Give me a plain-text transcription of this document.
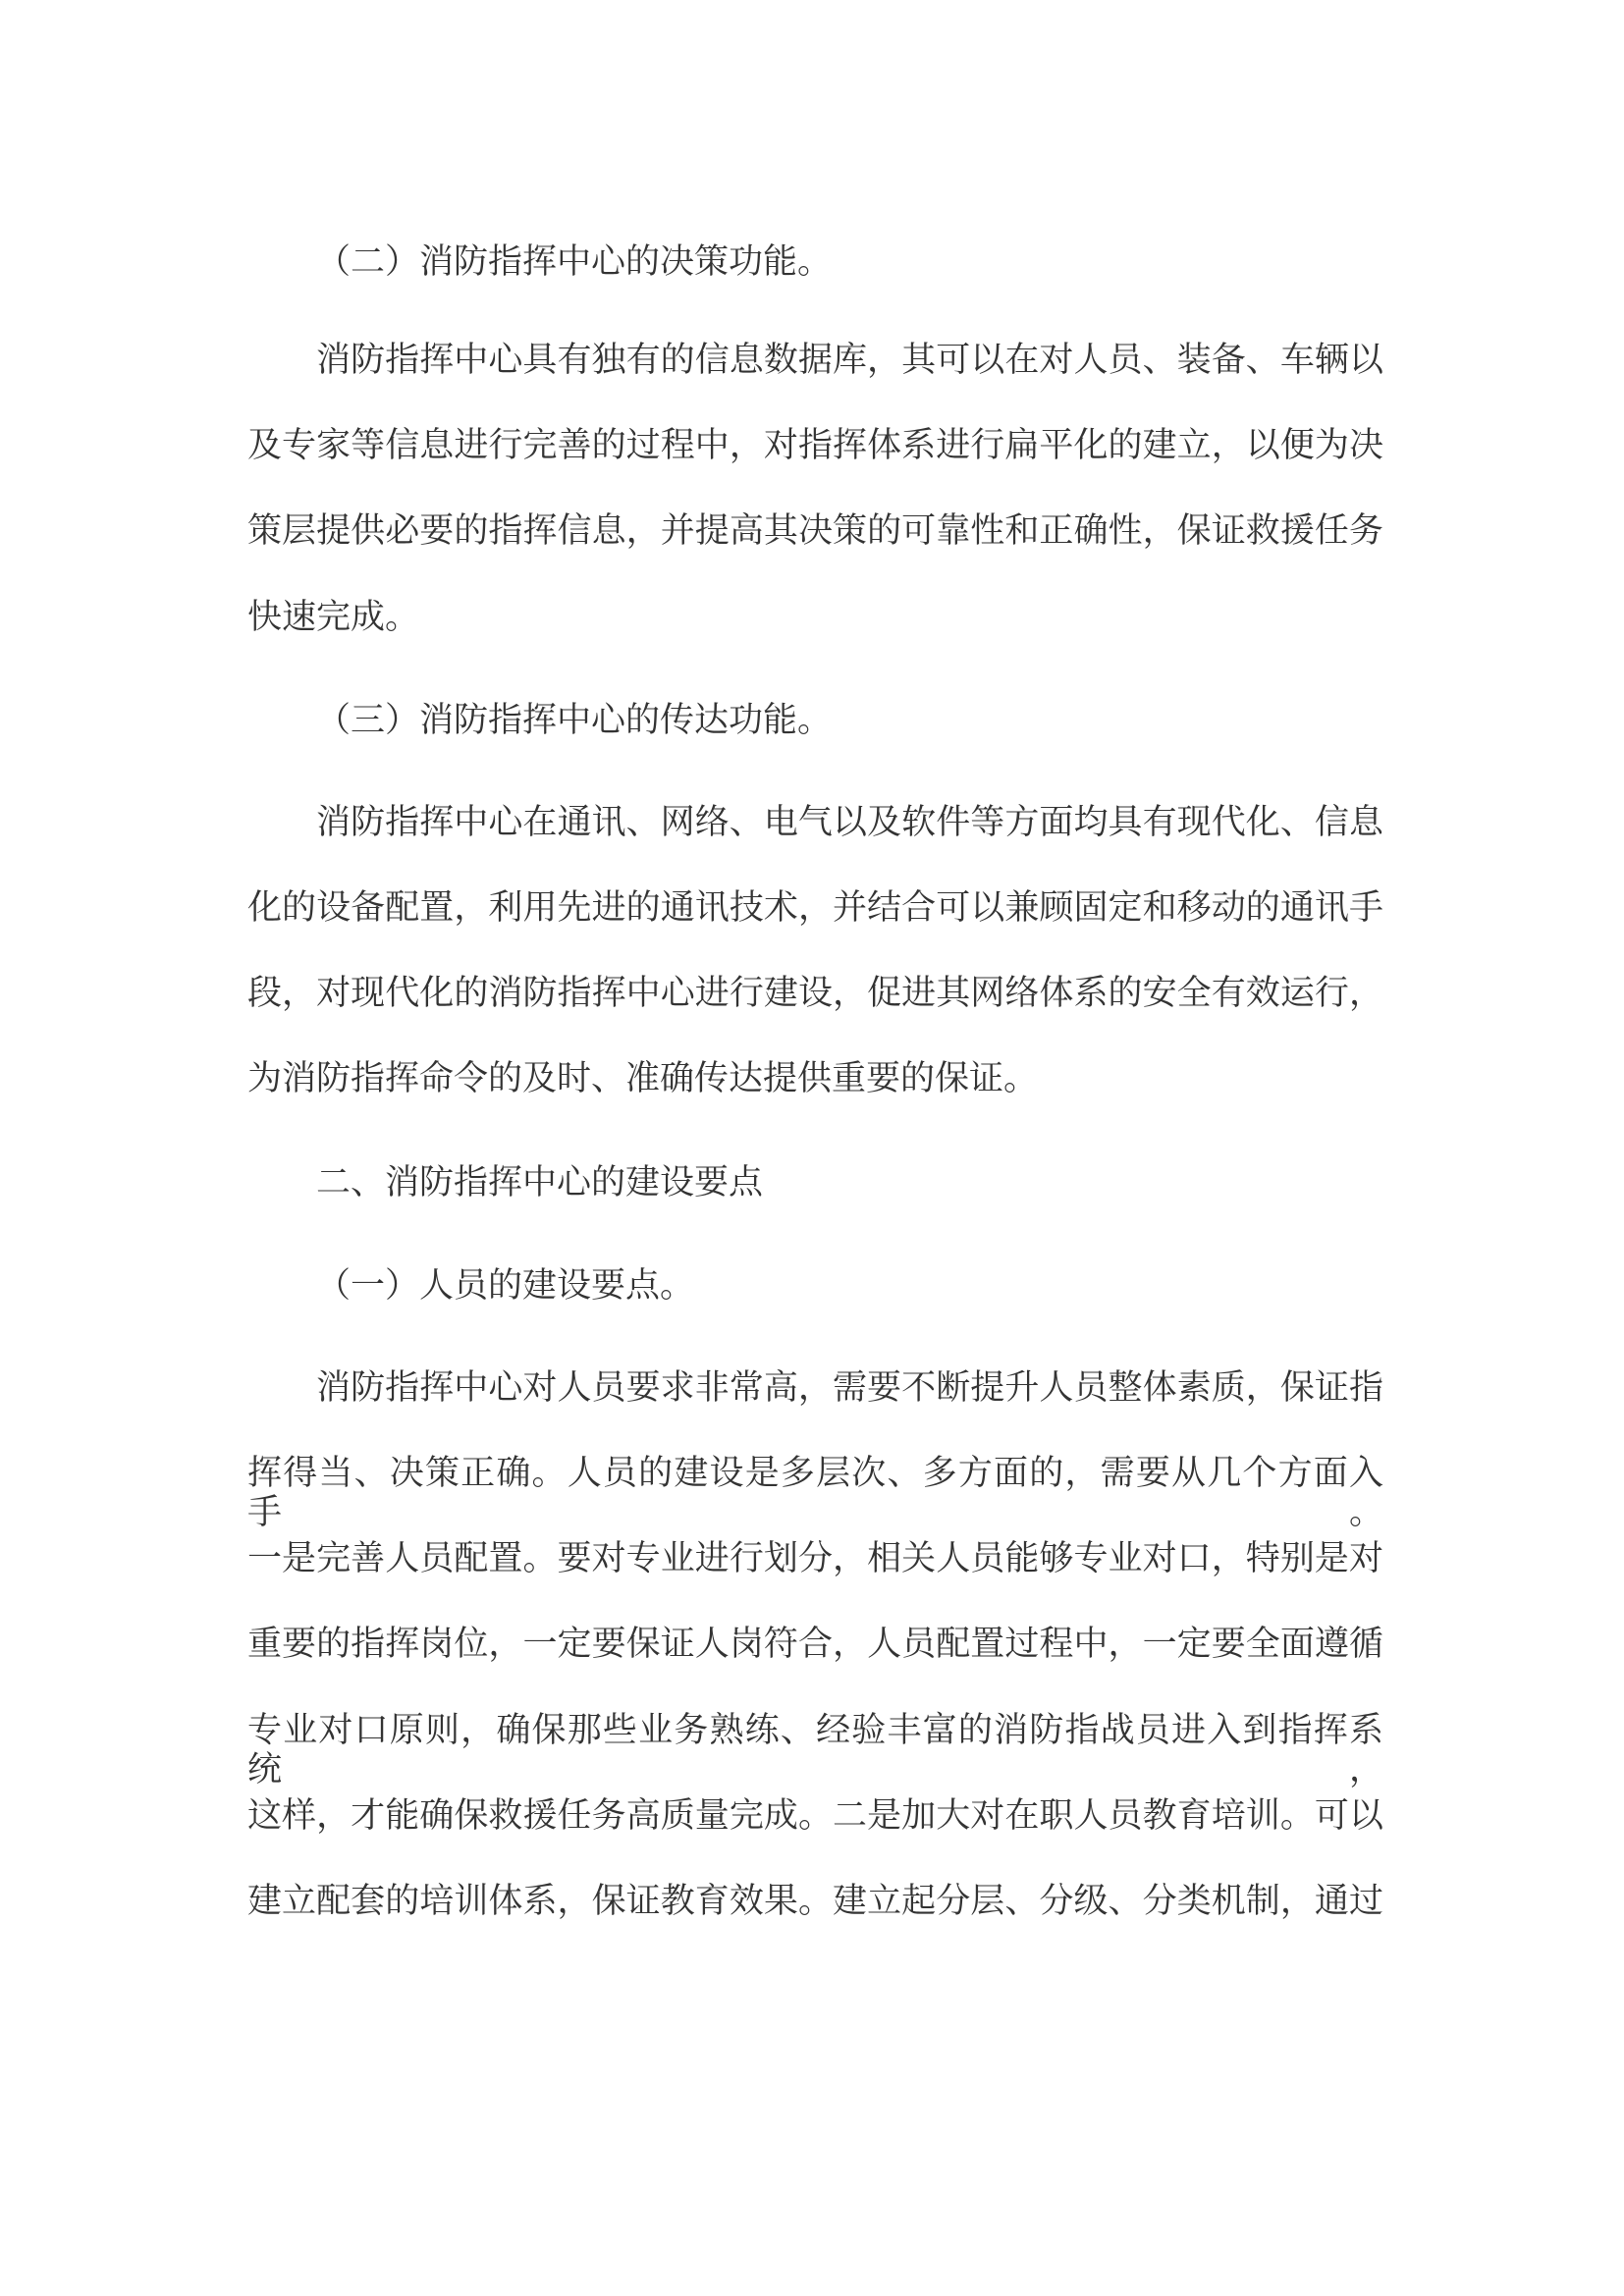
（二）消防指挥中心的决策功能。
消防指挥中心具有独有的信息数据库，其可以在对人员、装备、车辆以
及专家等信息进行完善的过程中，对指挥体系进行扁平化的建立，以便为决
策层提供必要的指挥信息，并提高其决策的可靠性和正确性，保证救援任务
快速完成。
（三）消防指挥中心的传达功能。
消防指挥中心在通讯、网络、电气以及软件等方面均具有现代化、信息
化的设备配置，利用先进的通讯技术，并结合可以兼顾固定和移动的通讯手
段，对现代化的消防指挥中心进行建设，促进其网络体系的安全有效运行，
为消防指挥命令的及时、准确传达提供重要的保证。
二、消防指挥中心的建设要点
（一）人员的建设要点。
消防指挥中心对人员要求非常高，需要不断提升人员整体素质，保证指
挥得当、决策正确。人员的建设是多层次、多方面的，需要从几个方面入手。
一是完善人员配置。要对专业进行划分，相关人员能够专业对口，特别是对
重要的指挥岗位，一定要保证人岗符合，人员配置过程中，一定要全面遵循
专业对口原则，确保那些业务熟练、经验丰富的消防指战员进入到指挥系统，
这样，才能确保救援任务高质量完成。二是加大对在职人员教育培训。可以
建立配套的培训体系，保证教育效果。建立起分层、分级、分类机制，通过
